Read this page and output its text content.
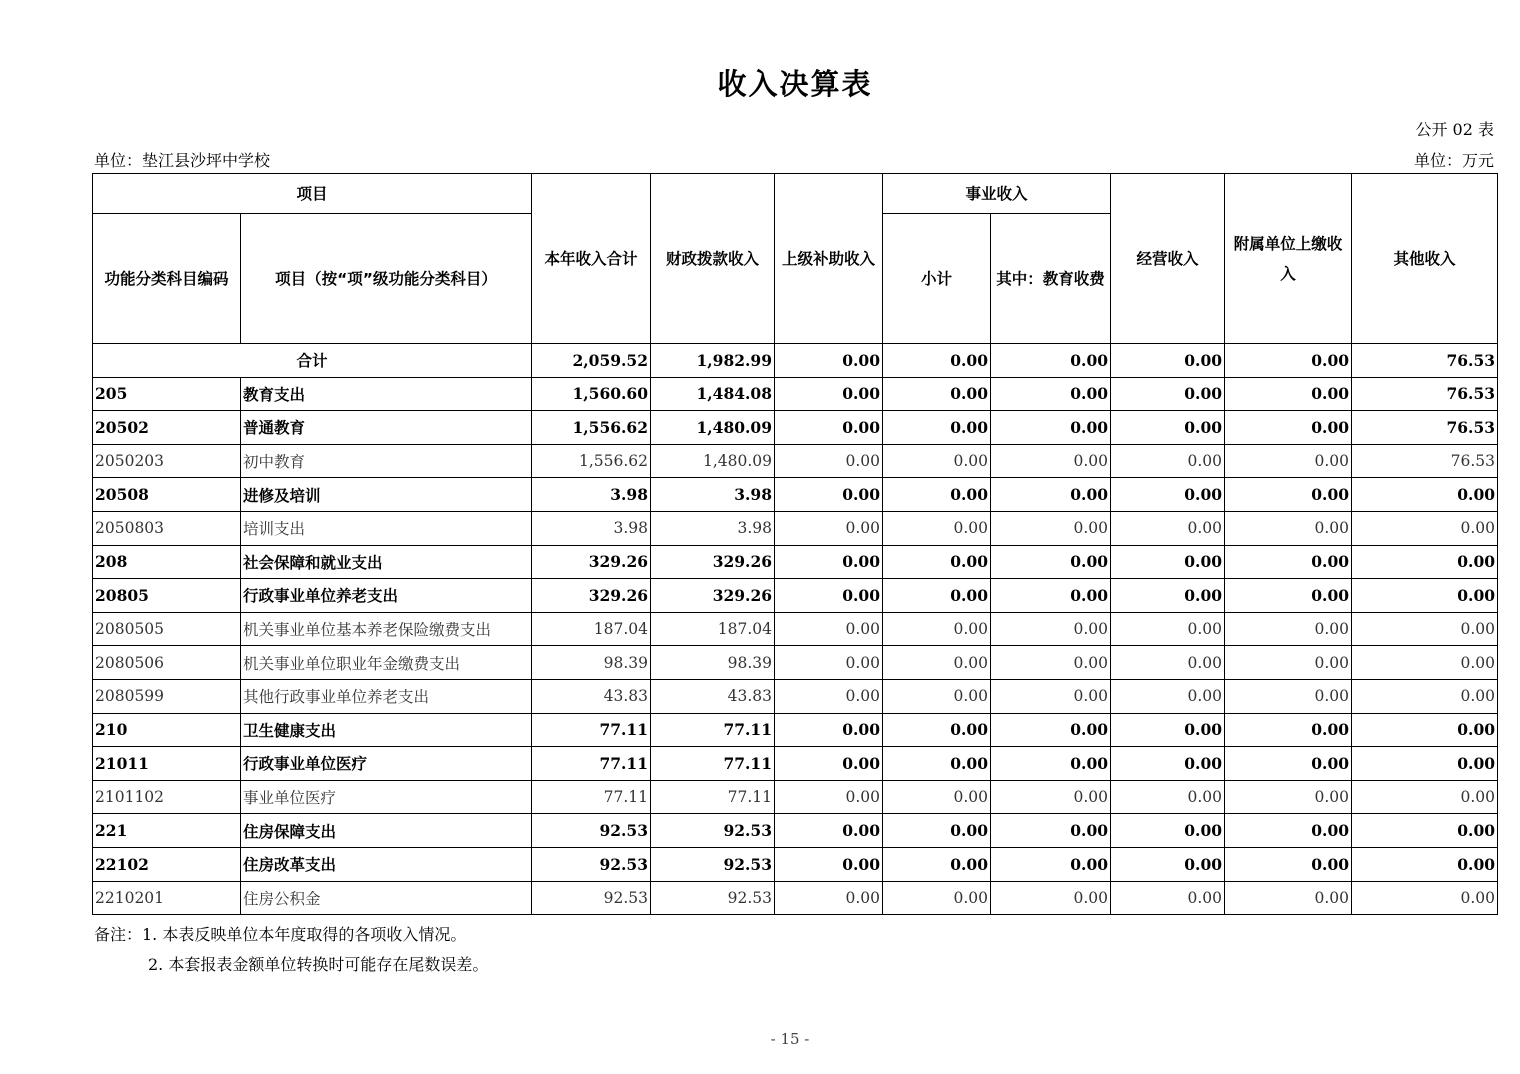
收入决算表
公开 02 表
单位：垫江县沙坪中学校	单位：万元
项目		本年收入合计	财政拨款收入	上级补助收入	事业收入		经营收入	附属单位上缴收入	其他收入
功能分类科目编码	项目（按“项”级功能分类科目）				小计	其中：教育收费			
合计		2,059.52	1,982.99	0.00	0.00	0.00	0.00	0.00	76.53
205	教育支出	1,560.60	1,484.08	0.00	0.00	0.00	0.00	0.00	76.53
20502	普通教育	1,556.62	1,480.09	0.00	0.00	0.00	0.00	0.00	76.53
2050203	初中教育	1,556.62	1,480.09	0.00	0.00	0.00	0.00	0.00	76.53
20508	进修及培训	3.98	3.98	0.00	0.00	0.00	0.00	0.00	0.00
2050803	培训支出	3.98	3.98	0.00	0.00	0.00	0.00	0.00	0.00
208	社会保障和就业支出	329.26	329.26	0.00	0.00	0.00	0.00	0.00	0.00
20805	行政事业单位养老支出	329.26	329.26	0.00	0.00	0.00	0.00	0.00	0.00
2080505	机关事业单位基本养老保险缴费支出	187.04	187.04	0.00	0.00	0.00	0.00	0.00	0.00
2080506	机关事业单位职业年金缴费支出	98.39	98.39	0.00	0.00	0.00	0.00	0.00	0.00
2080599	其他行政事业单位养老支出	43.83	43.83	0.00	0.00	0.00	0.00	0.00	0.00
210	卫生健康支出	77.11	77.11	0.00	0.00	0.00	0.00	0.00	0.00
21011	行政事业单位医疗	77.11	77.11	0.00	0.00	0.00	0.00	0.00	0.00
2101102	事业单位医疗	77.11	77.11	0.00	0.00	0.00	0.00	0.00	0.00
221	住房保障支出	92.53	92.53	0.00	0.00	0.00	0.00	0.00	0.00
22102	住房改革支出	92.53	92.53	0.00	0.00	0.00	0.00	0.00	0.00
2210201	住房公积金	92.53	92.53	0.00	0.00	0.00	0.00	0.00	0.00
备注：1. 本表反映单位本年度取得的各项收入情况。
2. 本套报表金额单位转换时可能存在尾数误差。
- 15 -
